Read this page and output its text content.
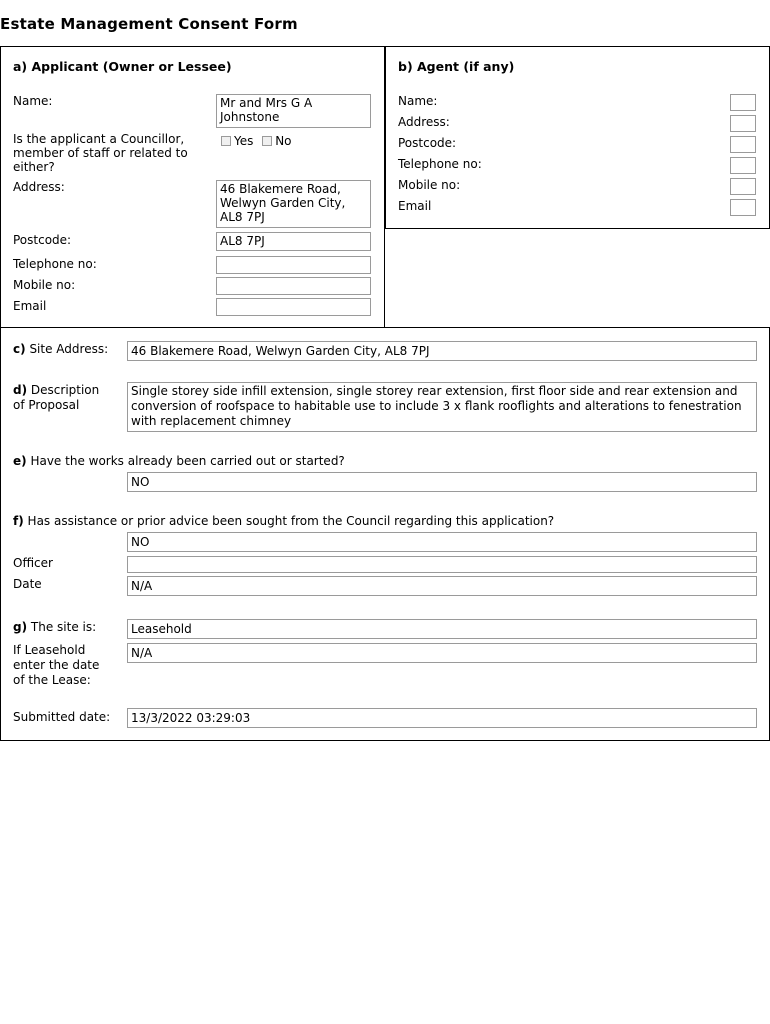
Estate Management Consent Form
a) Applicant (Owner or Lessee)
Name:	Mr and Mrs G A Johnstone
Is the applicant a Councillor, member of staff or related to either?
Yes No
Address:	46 Blakemere Road, Welwyn Garden City, AL8 7PJ
Postcode:	AL8 7PJ
Telephone no:
Mobile no:
Email
b) Agent (if any)
Name:
Address:
Postcode:
Telephone no:
Mobile no:
Email
c) Site Address:	46 Blakemere Road, Welwyn Garden City, AL8 7PJ
d) Description
of Proposal
Single storey side infill extension, single storey rear extension, first floor side and rear extension and conversion of roofspace to habitable use to include 3 x flank rooflights and alterations to fenestration with replacement chimney
e) Have the works already been carried out or started?
NO
f) Has assistance or prior advice been sought from the Council regarding this application?
NO
Officer
Date	N/A
g) The site is:	Leasehold
If Leasehold
enter the date
of the Lease:
N/A
Submitted date:	13/3/2022 03:29:03
